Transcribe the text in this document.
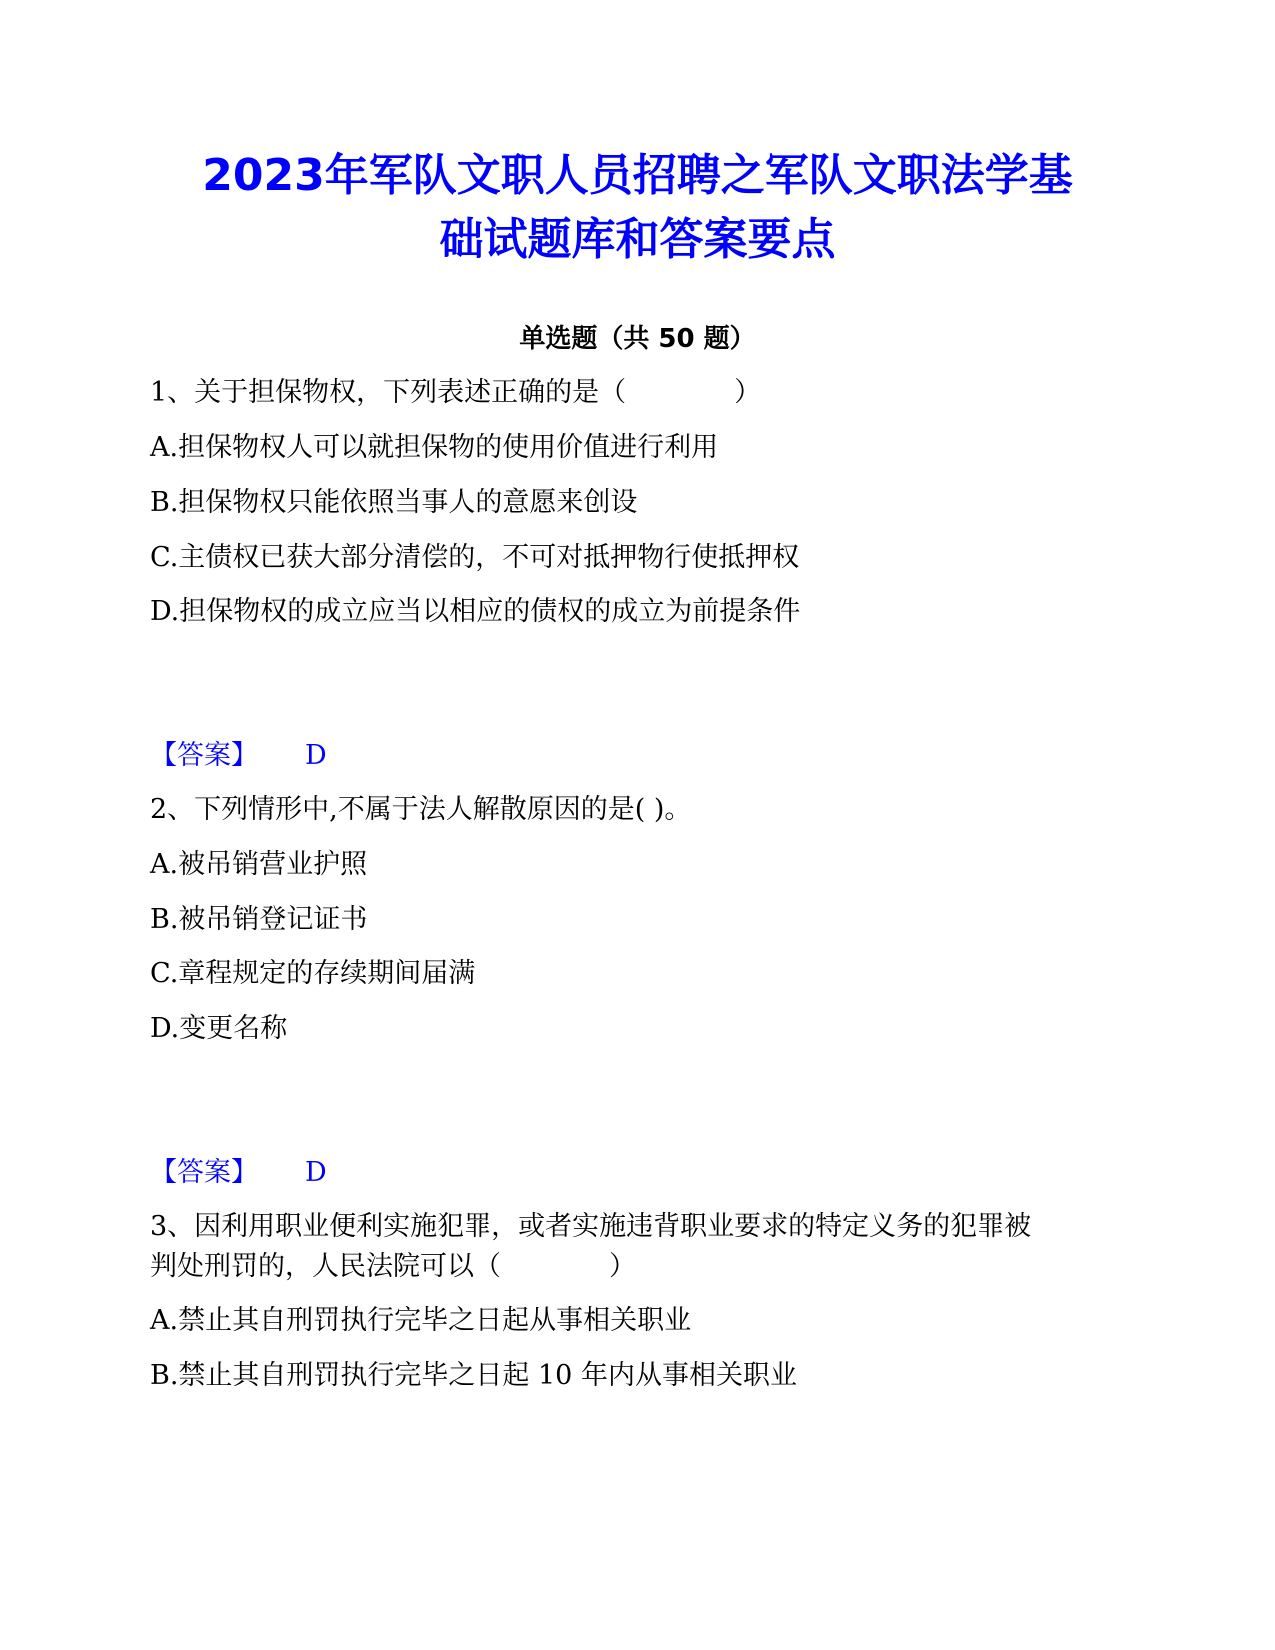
2023年军队文职人员招聘之军队文职法学基
础试题库和答案要点
单选题（共 50 题）
1、关于担保物权，下列表述正确的是（　　　　）
A.担保物权人可以就担保物的使用价值进行利用
B.担保物权只能依照当事人的意愿来创设
C.主债权已获大部分清偿的，不可对抵押物行使抵押权
D.担保物权的成立应当以相应的债权的成立为前提条件
【答案】 D
2、下列情形中,不属于法人解散原因的是( )。
A.被吊销营业护照
B.被吊销登记证书
C.章程规定的存续期间届满
D.变更名称
【答案】 D
3、因利用职业便利实施犯罪，或者实施违背职业要求的特定义务的犯罪被
判处刑罚的，人民法院可以（　　　　）
A.禁止其自刑罚执行完毕之日起从事相关职业
B.禁止其自刑罚执行完毕之日起 10 年内从事相关职业
